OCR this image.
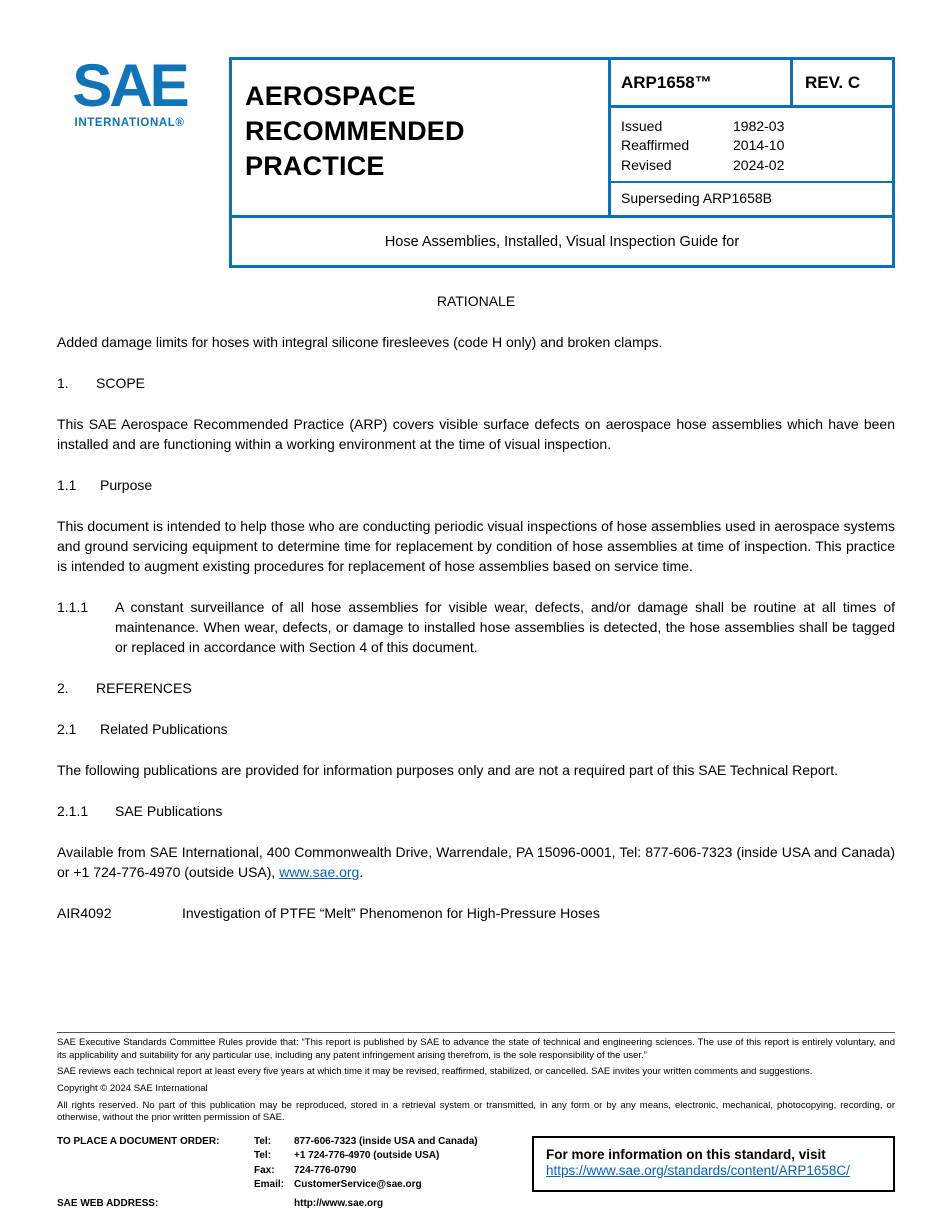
SAE
INTERNATIONAL®
AEROSPACE
RECOMMENDED PRACTICE
ARP1658™	REV. C
Issued	1982-03
Reaffirmed	2014-10
Revised	2024-02
Superseding ARP1658B
Hose Assemblies, Installed, Visual Inspection Guide for
RATIONALE
Added damage limits for hoses with integral silicone firesleeves (code H only) and broken clamps.
1.	SCOPE
This SAE Aerospace Recommended Practice (ARP) covers visible surface defects on aerospace hose assemblies which have been installed and are functioning within a working environment at the time of visual inspection.
1.1	Purpose
This document is intended to help those who are conducting periodic visual inspections of hose assemblies used in aerospace systems and ground servicing equipment to determine time for replacement by condition of hose assemblies at time of inspection. This practice is intended to augment existing procedures for replacement of hose assemblies based on service time.
1.1.1	A constant surveillance of all hose assemblies for visible wear, defects, and/or damage shall be routine at all times of maintenance. When wear, defects, or damage to installed hose assemblies is detected, the hose assemblies shall be tagged or replaced in accordance with Section 4 of this document.
2.	REFERENCES
2.1	Related Publications
The following publications are provided for information purposes only and are not a required part of this SAE Technical Report.
2.1.1	SAE Publications
Available from SAE International, 400 Commonwealth Drive, Warrendale, PA 15096-0001, Tel: 877-606-7323 (inside USA and Canada) or +1 724-776-4970 (outside USA), www.sae.org.
AIR4092	Investigation of PTFE “Melt” Phenomenon for High-Pressure Hoses
SAE Executive Standards Committee Rules provide that: “This report is published by SAE to advance the state of technical and engineering sciences. The use of this report is entirely voluntary, and its applicability and suitability for any particular use, including any patent infringement arising therefrom, is the sole responsibility of the user.”
SAE reviews each technical report at least every five years at which time it may be revised, reaffirmed, stabilized, or cancelled. SAE invites your written comments and suggestions.
Copyright © 2024 SAE International
All rights reserved. No part of this publication may be reproduced, stored in a retrieval system or transmitted, in any form or by any means, electronic, mechanical, photocopying, recording, or otherwise, without the prior written permission of SAE.
TO PLACE A DOCUMENT ORDER:	Tel:	877-606-7323 (inside USA and Canada)
Tel:	+1 724-776-4970 (outside USA)
Fax:	724-776-0790
Email: CustomerService@sae.org
SAE WEB ADDRESS:	http://www.sae.org
For more information on this standard, visit
https://www.sae.org/standards/content/ARP1658C/
